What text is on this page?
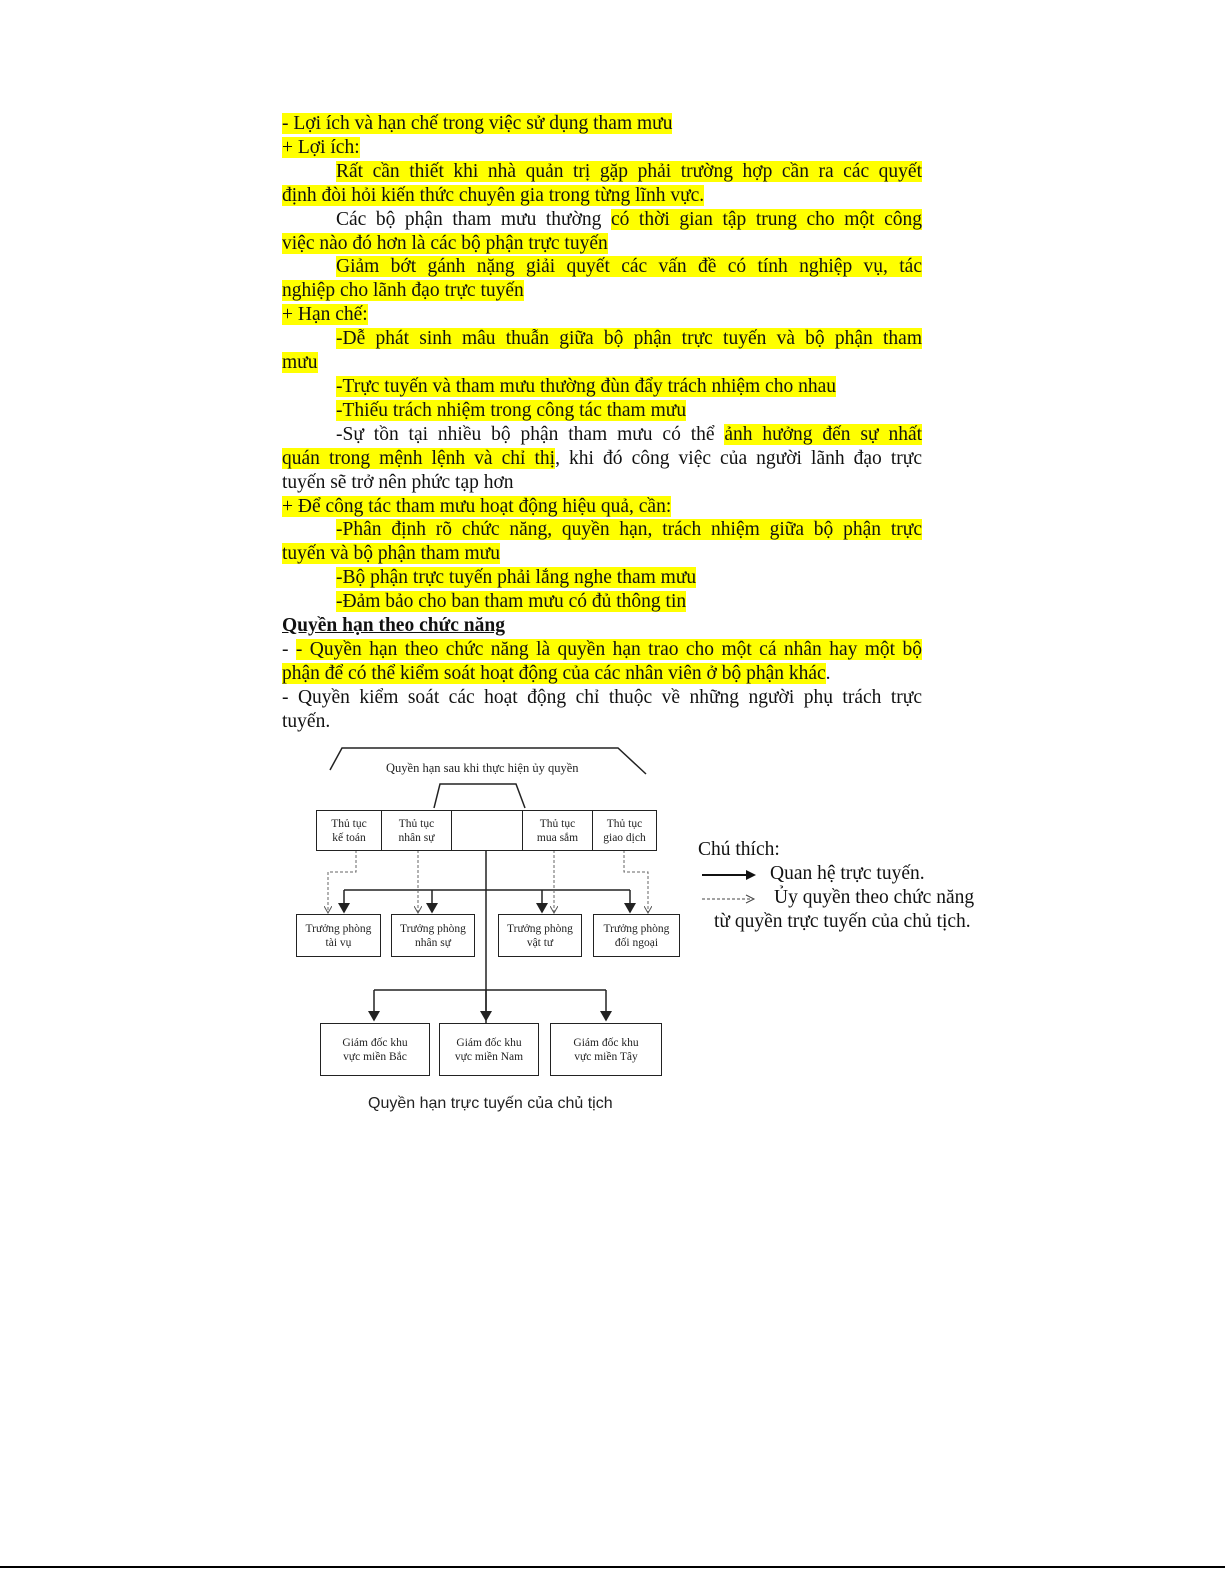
- Lợi ích và hạn chế trong việc sử dụng tham mưu
+ Lợi ích:
Rất cần thiết khi nhà quản trị gặp phải trường hợp cần ra các quyết
định đòi hỏi kiến thức chuyên gia trong từng lĩnh vực.
Các bộ phận tham mưu thường có thời gian tập trung cho một công
việc nào đó hơn là các bộ phận trực tuyến
Giảm bớt gánh nặng giải quyết các vấn đề có tính nghiệp vụ, tác
nghiệp cho lãnh đạo trực tuyến
+ Hạn chế:
-Dễ phát sinh mâu thuẫn giữa bộ phận trực tuyến và bộ phận tham
mưu
-Trực tuyến và tham mưu thường đùn đẩy trách nhiệm cho nhau
-Thiếu trách nhiệm trong công tác tham mưu
-Sự tồn tại nhiều bộ phận tham mưu có thể ảnh hưởng đến sự nhất
quán trong mệnh lệnh và chỉ thị, khi đó công việc của người lãnh đạo trực
tuyến sẽ trở nên phức tạp hơn
+ Để công tác tham mưu hoạt động hiệu quả, cần:
-Phân định rõ chức năng, quyền hạn, trách nhiệm giữa bộ phận trực
tuyến và bộ phận tham mưu
-Bộ phận trực tuyến phải lắng nghe tham mưu
-Đảm bảo cho ban tham mưu có đủ thông tin
Quyền hạn theo chức năng
- - Quyền hạn theo chức năng là quyền hạn trao cho một cá nhân hay một bộ
phận để có thể kiểm soát hoạt động của các nhân viên ở bộ phận khác.
- Quyền kiểm soát các hoạt động chỉ thuộc về những người phụ trách trực
tuyến.
Quyền hạn sau khi thực hiện ủy quyền
Thủ tục
kế toán
Thủ tục
nhân sự
Thủ tục
mua sắm
Thủ tục
giao dịch
Trưởng phòng
tài vụ
Trưởng phòng
nhân sự
Trưởng phòng
vật tư
Trưởng phòng
đối ngoại
Giám đốc khu
vực miền Bắc
Giám đốc khu
vực miền Nam
Giám đốc khu
vực miền Tây
Chú thích:
Quan hệ trực tuyến.
Ủy quyền theo chức năng
từ quyền trực tuyến của chủ tịch.
Quyền hạn trực tuyến của chủ tịch
